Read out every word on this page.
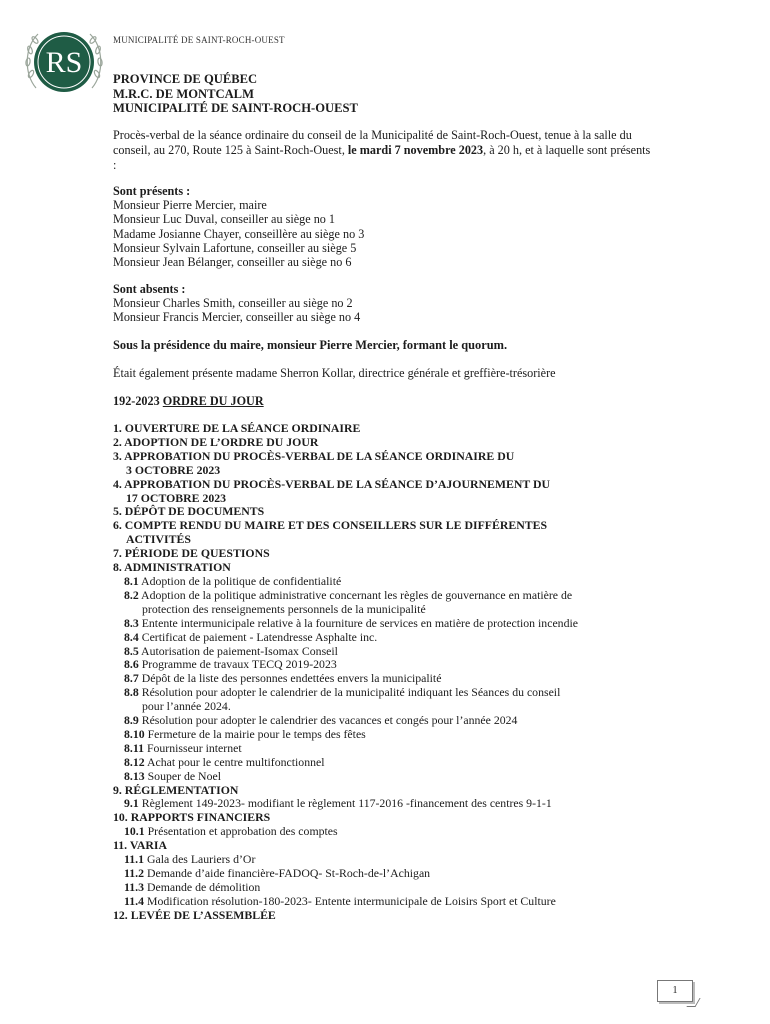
RS
MUNICIPALITÉ DE SAINT-ROCH-OUEST
PROVINCE DE QUÉBEC
M.R.C. DE MONTCALM
MUNICIPALITÉ DE SAINT-ROCH-OUEST
Procès-verbal de la séance ordinaire du conseil de la Municipalité de Saint-Roch-Ouest, tenue à la salle du conseil, au 270, Route 125 à Saint-Roch-Ouest, le mardi 7 novembre 2023, à 20 h, et à laquelle sont présents :
Sont présents :
Monsieur Pierre Mercier, maire
Monsieur Luc Duval, conseiller au siège no 1
Madame Josianne Chayer, conseillère au siège no 3
Monsieur Sylvain Lafortune, conseiller au siège 5
Monsieur Jean Bélanger, conseiller au siège no 6
Sont absents :
Monsieur Charles Smith, conseiller au siège no 2
Monsieur Francis Mercier, conseiller au siège no 4
Sous la présidence du maire, monsieur Pierre Mercier, formant le quorum.
Était également présente madame Sherron Kollar, directrice générale et greffière-trésorière
192-2023 ORDRE DU JOUR
1. OUVERTURE DE LA SÉANCE ORDINAIRE
2. ADOPTION DE L’ORDRE DU JOUR
3. APPROBATION DU PROCÈS-VERBAL DE LA SÉANCE ORDINAIRE DU
3 OCTOBRE 2023
4. APPROBATION DU PROCÈS-VERBAL DE LA SÉANCE D’AJOURNEMENT DU
17 OCTOBRE 2023
5. DÉPÔT DE DOCUMENTS
6. COMPTE RENDU DU MAIRE ET DES CONSEILLERS SUR LE DIFFÉRENTES
ACTIVITÉS
7. PÉRIODE DE QUESTIONS
8. ADMINISTRATION
8.1 Adoption de la politique de confidentialité
8.2 Adoption de la politique administrative concernant les règles de gouvernance en matière de
protection des renseignements personnels de la municipalité
8.3 Entente intermunicipale relative à la fourniture de services en matière de protection incendie
8.4 Certificat de paiement - Latendresse Asphalte inc.
8.5 Autorisation de paiement-Isomax Conseil
8.6 Programme de travaux TECQ 2019-2023
8.7 Dépôt de la liste des personnes endettées envers la municipalité
8.8 Résolution pour adopter le calendrier de la municipalité indiquant les Séances du conseil
pour l’année 2024.
8.9 Résolution pour adopter le calendrier des vacances et congés pour l’année 2024
8.10 Fermeture de la mairie pour le temps des fêtes
8.11 Fournisseur internet
8.12 Achat pour le centre multifonctionnel
8.13 Souper de Noel
9. RÉGLEMENTATION
9.1 Règlement 149-2023- modifiant le règlement 117-2016 -financement des centres 9-1-1
10. RAPPORTS FINANCIERS
10.1 Présentation et approbation des comptes
11. VARIA
11.1 Gala des Lauriers d’Or
11.2 Demande d’aide financière-FADOQ- St-Roch-de-l’Achigan
11.3 Demande de démolition
11.4 Modification résolution-180-2023- Entente intermunicipale de Loisirs Sport et Culture
12. LEVÉE DE L’ASSEMBLÉE
1
